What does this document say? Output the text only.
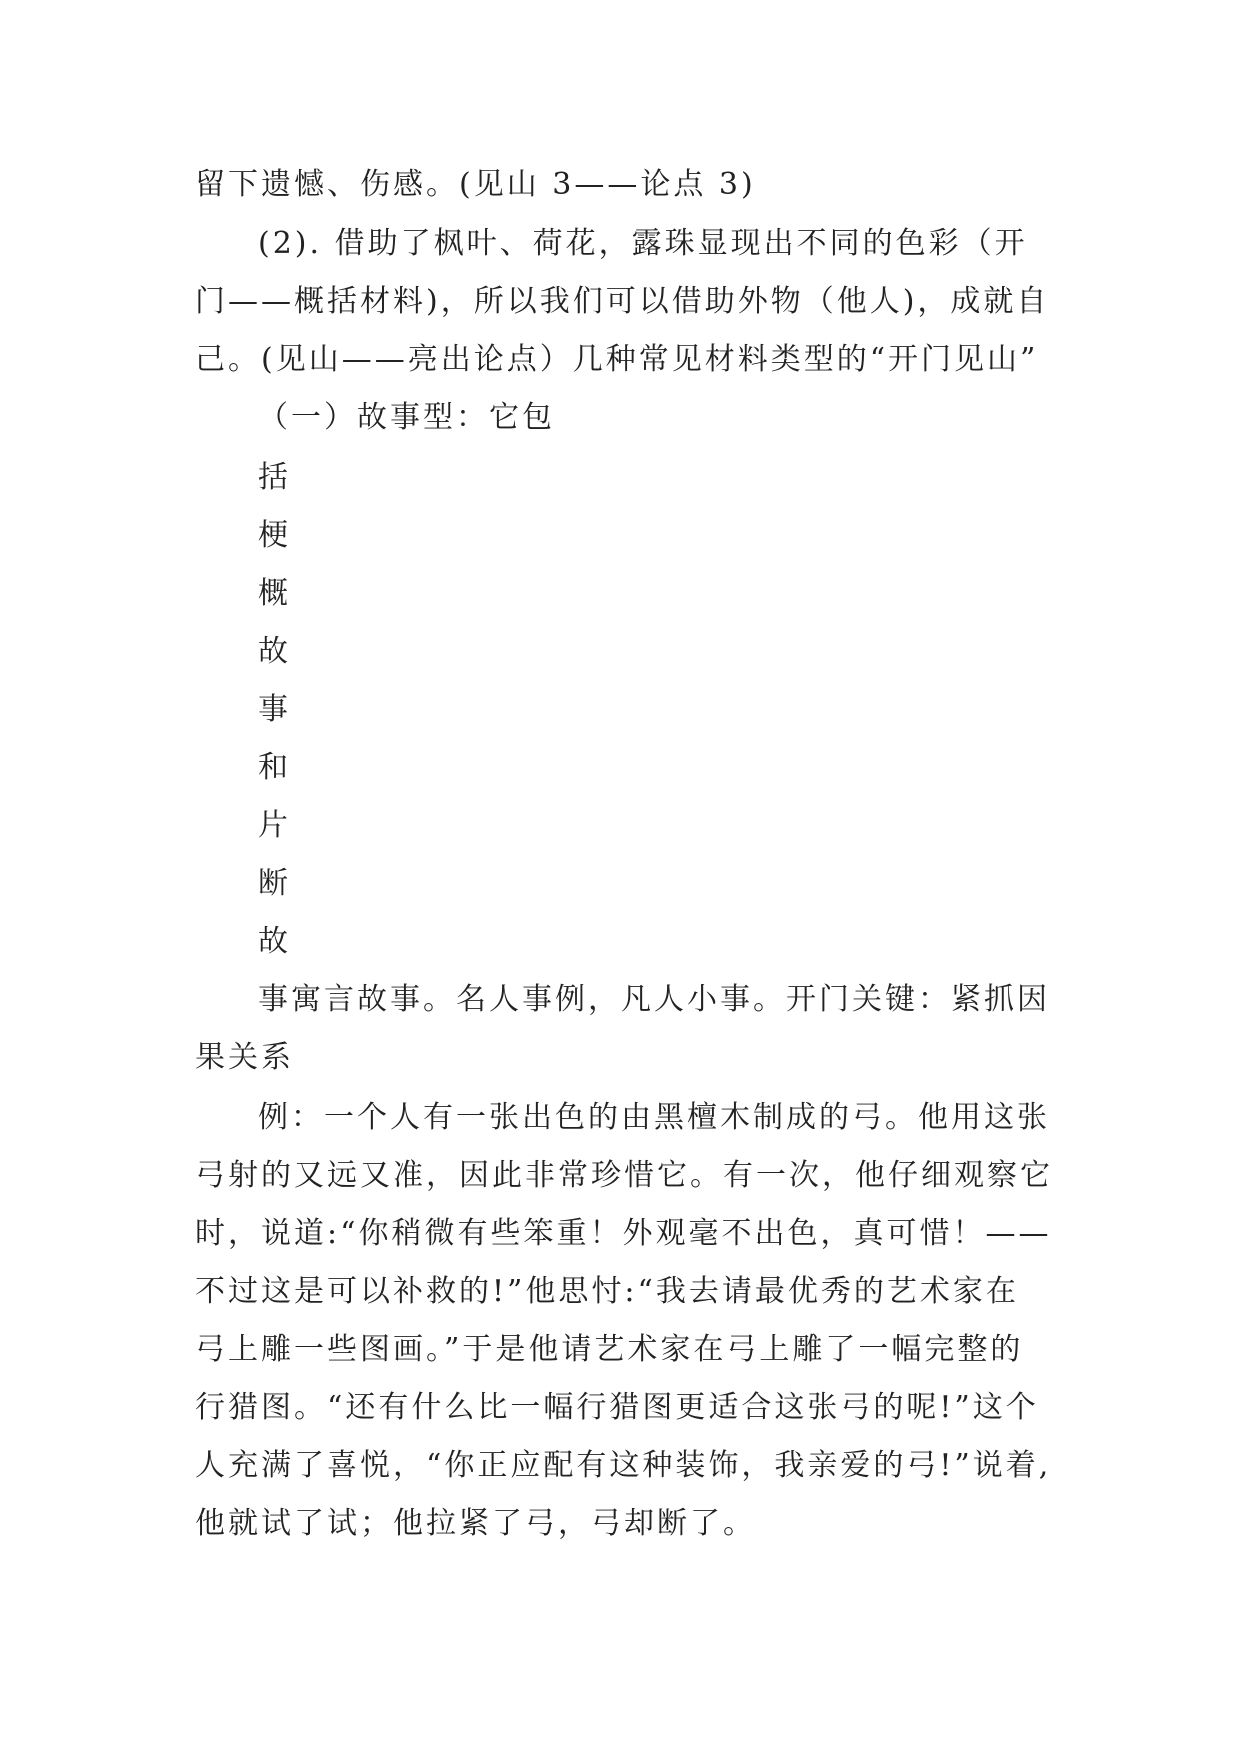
留下遗憾、伤感。(见山 3——论点 3)
(2). 借助了枫叶、荷花，露珠显现出不同的色彩（开
门——概括材料)，所以我们可以借助外物（他人)，成就自
己。(见山——亮出论点）几种常见材料类型的“开门见山”
（一）故事型：它包
括
梗
概
故
事
和
片
断
故
事寓言故事。名人事例，凡人小事。开门关键：紧抓因
果关系
例：一个人有一张出色的由黑檀木制成的弓。他用这张
弓射的又远又准，因此非常珍惜它。有一次，他仔细观察它
时，说道:“你稍微有些笨重！外观毫不出色，真可惜！——
不过这是可以补救的!”他思忖:“我去请最优秀的艺术家在
弓上雕一些图画。”于是他请艺术家在弓上雕了一幅完整的
行猎图。“还有什么比一幅行猎图更适合这张弓的呢!”这个
人充满了喜悦，“你正应配有这种装饰，我亲爱的弓!”说着,
他就试了试；他拉紧了弓，弓却断了。
